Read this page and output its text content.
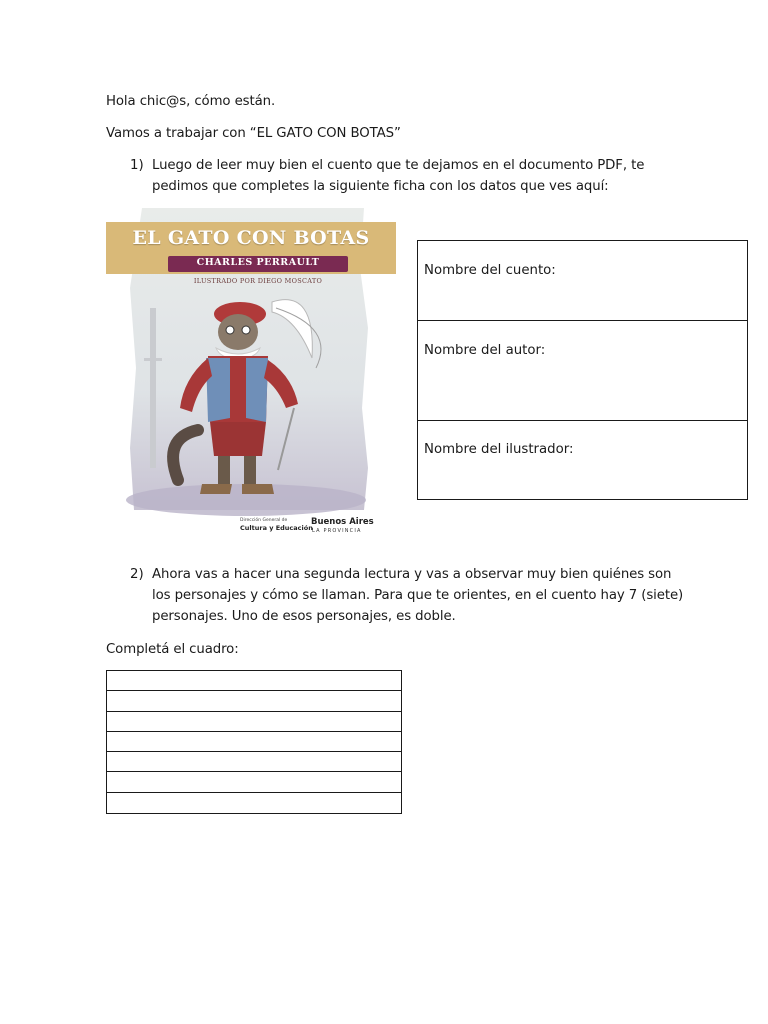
Hola chic@s, cómo están.
Vamos a trabajar con “EL GATO CON BOTAS”
1) Luego de leer muy bien el cuento que te dejamos en el documento PDF, te
pedimos que completes la siguiente ficha con los datos que ves aquí:
EL GATO CON BOTAS
CHARLES PERRAULT
ILUSTRADO POR DIEGO MOSCATO
Dirección General de
Cultura y Educación
Buenos Aires
LA PROVINCIA
Nombre del cuento:
Nombre del autor:
Nombre del ilustrador:
2) Ahora vas a hacer una segunda lectura y vas a observar muy bien quiénes son
los personajes y cómo se llaman. Para que te orientes, en el cuento hay 7 (siete)
personajes. Uno de esos personajes, es doble.
Completá el cuadro:
